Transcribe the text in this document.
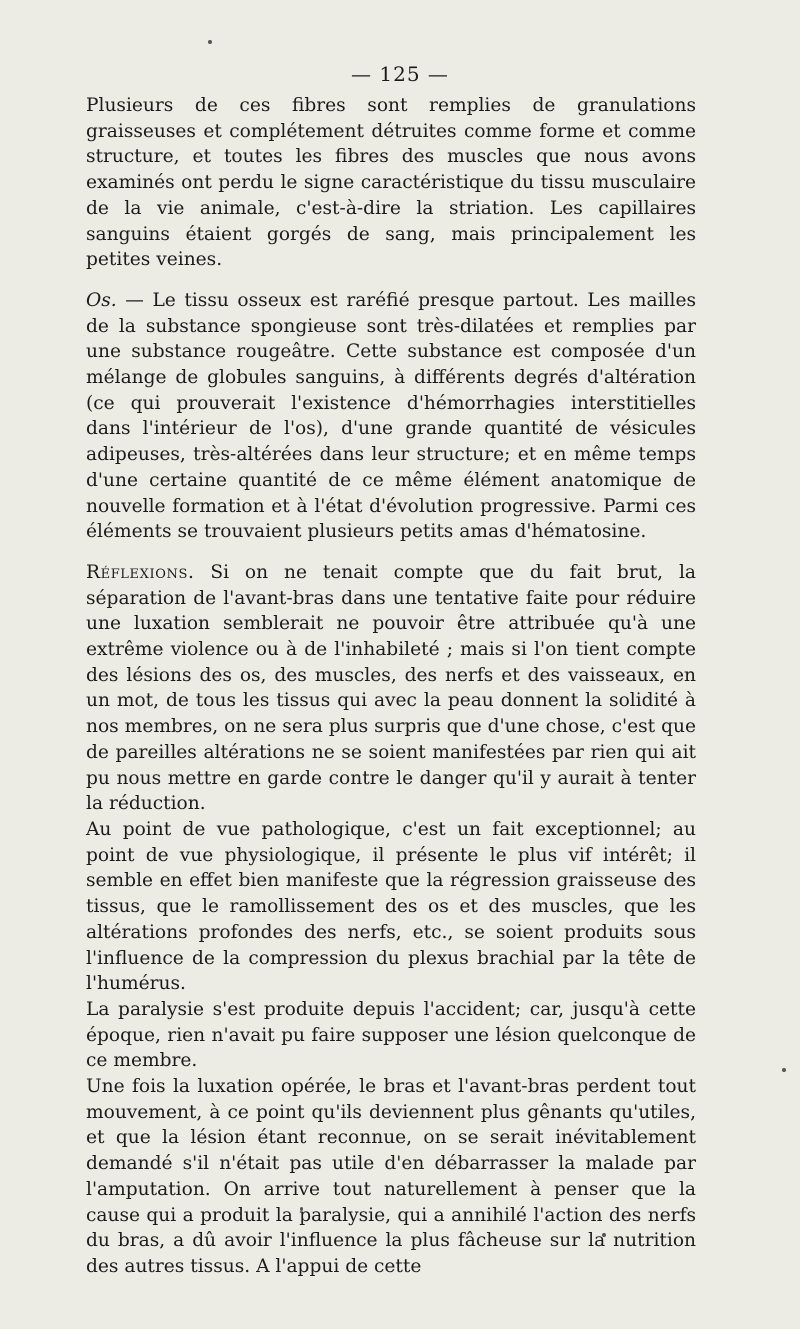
— 125 —

Plusieurs de ces fibres sont remplies de granulations graisseuses et complétement détruites comme forme et comme structure, et toutes les fibres des muscles que nous avons examinés ont perdu le signe caractéristique du tissu musculaire de la vie animale, c'est-à-dire la striation. Les capillaires sanguins étaient gorgés de sang, mais principalement les petites veines.

Os. — Le tissu osseux est raréfié presque partout. Les mailles de la substance spongieuse sont très-dilatées et remplies par une substance rougeâtre. Cette substance est composée d'un mélange de globules sanguins, à différents degrés d'altération (ce qui prouverait l'existence d'hémorrhagies interstitielles dans l'intérieur de l'os), d'une grande quantité de vésicules adipeuses, très-altérées dans leur structure; et en même temps d'une certaine quantité de ce même élément anatomique de nouvelle formation et à l'état d'évolution progressive. Parmi ces éléments se trouvaient plusieurs petits amas d'hématosine.

Réflexions. Si on ne tenait compte que du fait brut, la séparation de l'avant-bras dans une tentative faite pour réduire une luxation semblerait ne pouvoir être attribuée qu'à une extrême violence ou à de l'inhabileté ; mais si l'on tient compte des lésions des os, des muscles, des nerfs et des vaisseaux, en un mot, de tous les tissus qui avec la peau donnent la solidité à nos membres, on ne sera plus surpris que d'une chose, c'est que de pareilles altérations ne se soient manifestées par rien qui ait pu nous mettre en garde contre le danger qu'il y aurait à tenter la réduction.

Au point de vue pathologique, c'est un fait exceptionnel; au point de vue physiologique, il présente le plus vif intérêt; il semble en effet bien manifeste que la régression graisseuse des tissus, que le ramollissement des os et des muscles, que les altérations profondes des nerfs, etc., se soient produits sous l'influence de la compression du plexus brachial par la tête de l'humérus.

La paralysie s'est produite depuis l'accident; car, jusqu'à cette époque, rien n'avait pu faire supposer une lésion quelconque de ce membre.

Une fois la luxation opérée, le bras et l'avant-bras perdent tout mouvement, à ce point qu'ils deviennent plus gênants qu'utiles, et que la lésion étant reconnue, on se serait inévitablement demandé s'il n'était pas utile d'en débarrasser la malade par l'amputation. On arrive tout naturellement à penser que la cause qui a produit la paralysie, qui a annihilé l'action des nerfs du bras, a dû avoir l'influence la plus fâcheuse sur la nutrition des autres tissus. A l'appui de cette
